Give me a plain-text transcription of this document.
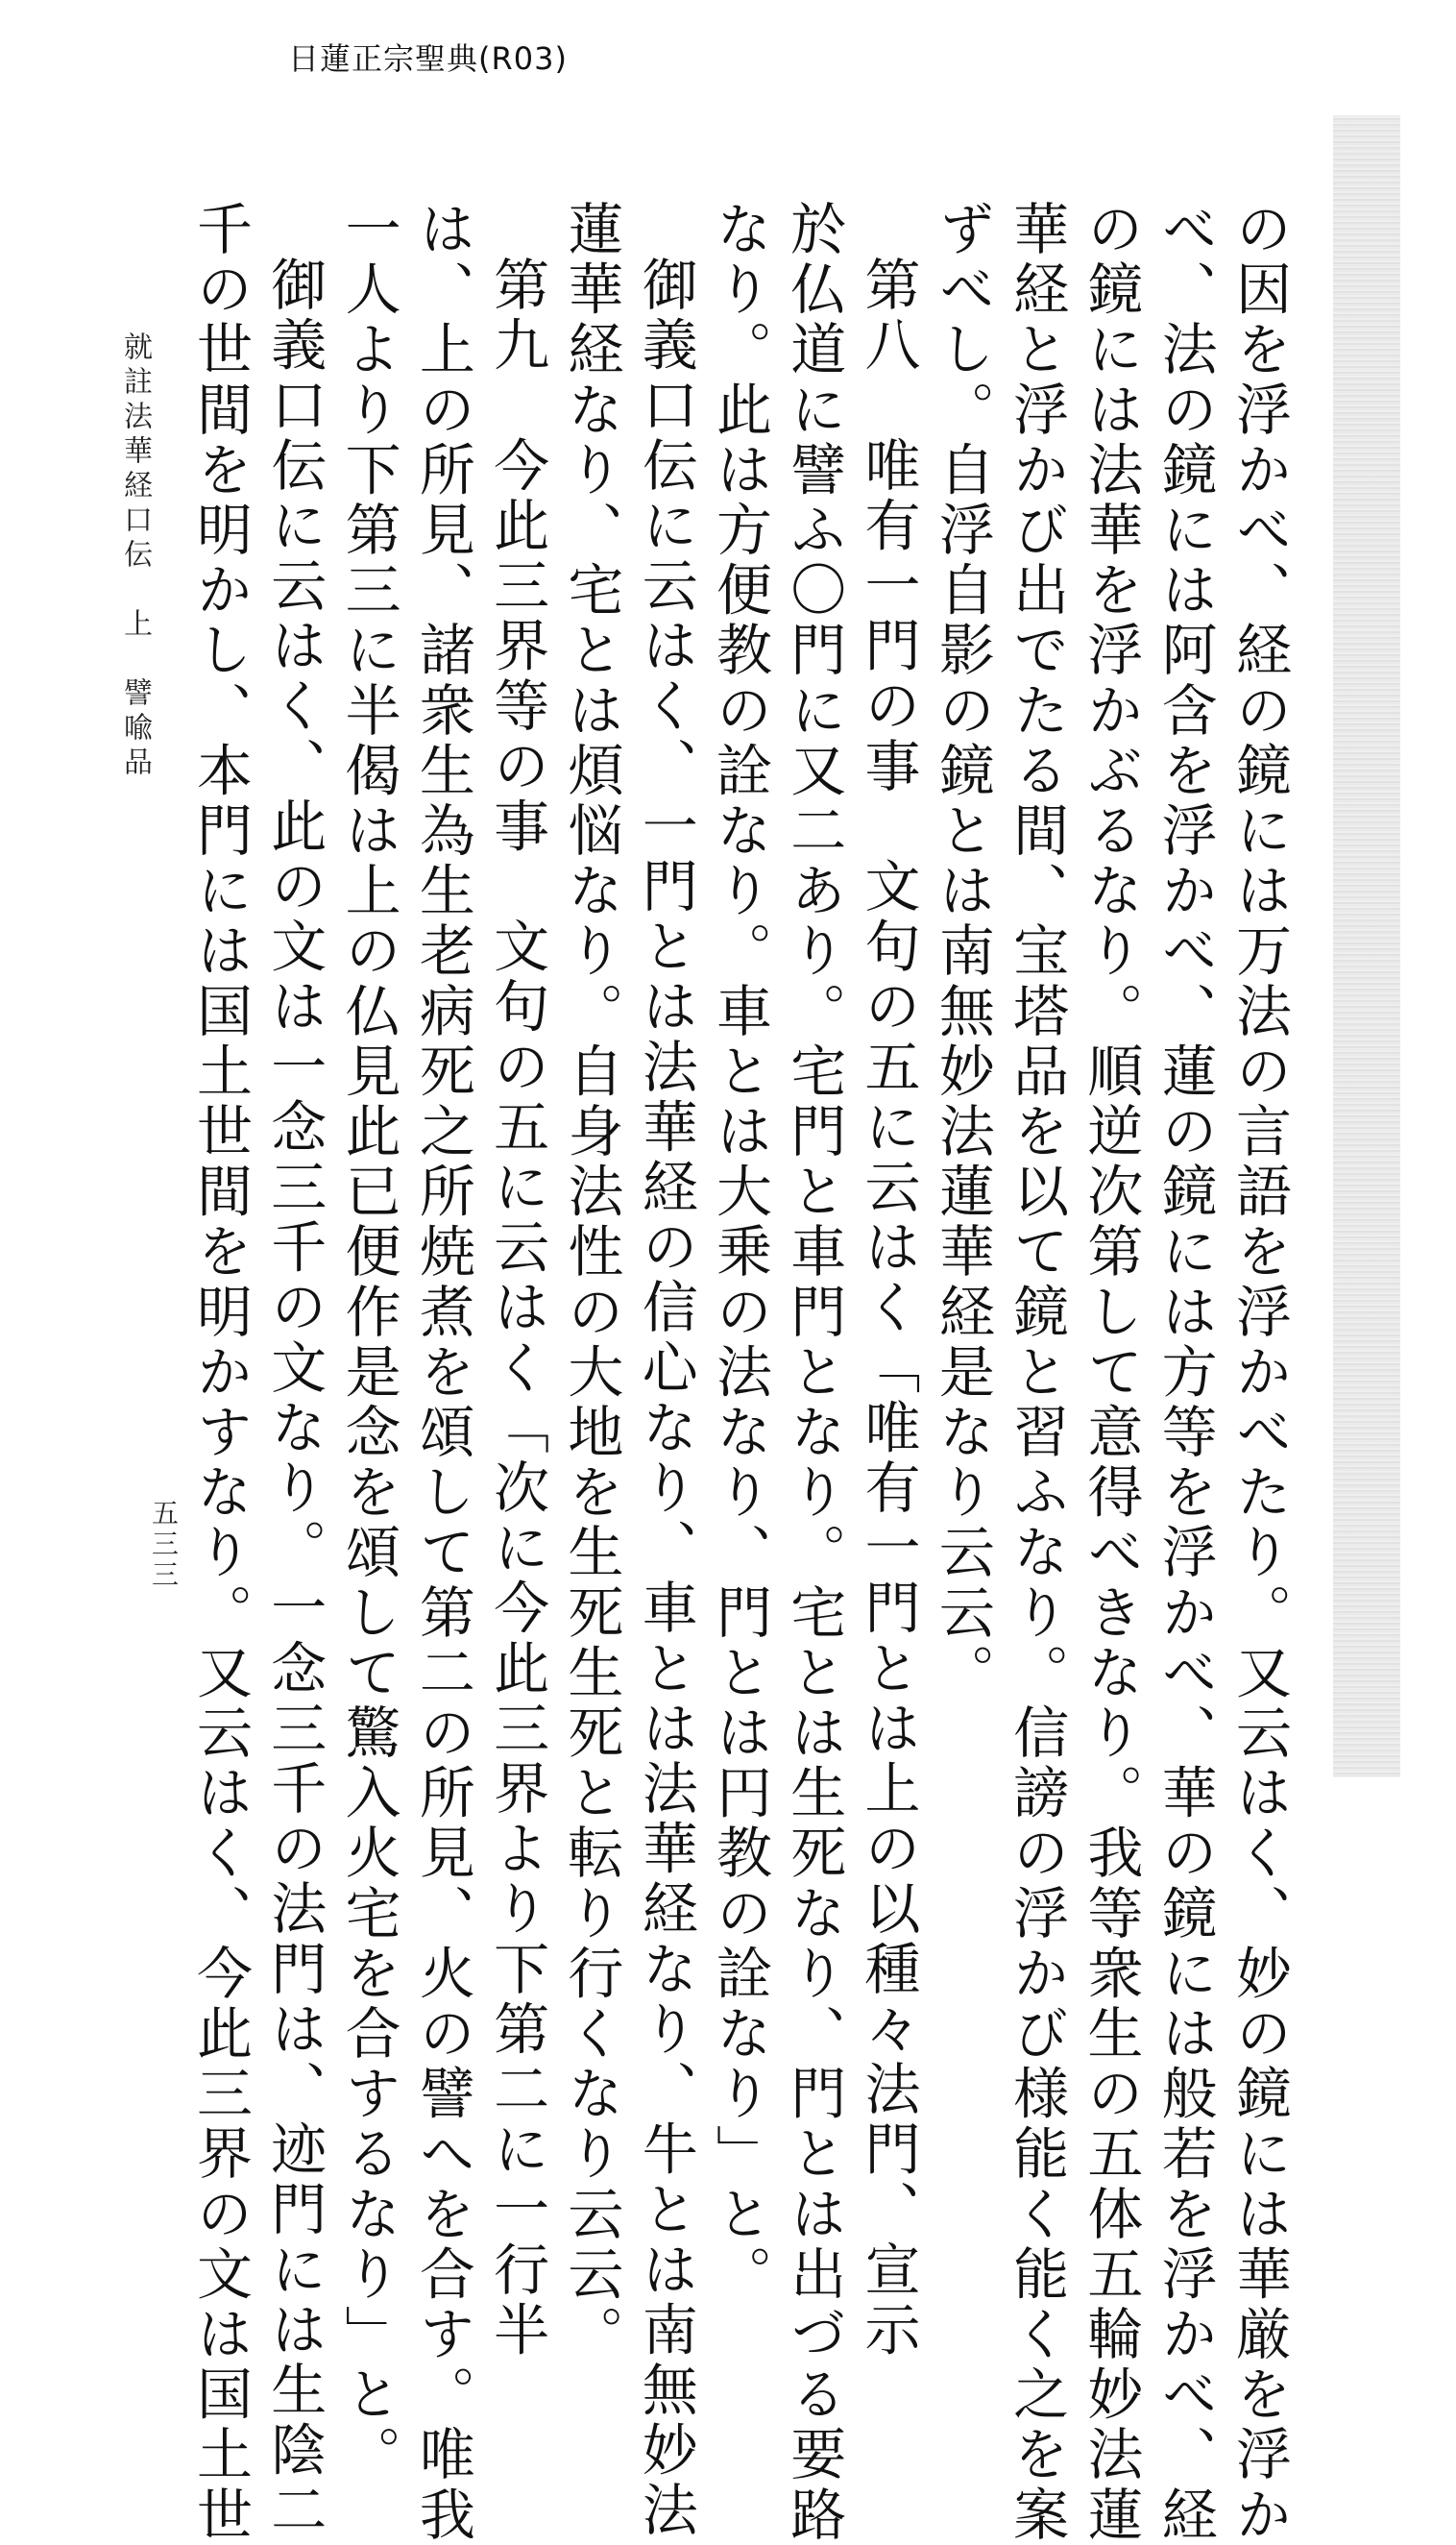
日蓮正宗聖典(R03)
就註法華経口伝　上　譬喩品
五三三	の因を浮かべ、経の鏡には万法の言語を浮かべたり。又云はく、妙の鏡には華厳を浮か
べ、法の鏡には阿含を浮かべ、蓮の鏡には方等を浮かべ、華の鏡には般若を浮かべ、経
の鏡には法華を浮かぶるなり。順逆次第して意得べきなり。我等衆生の五体五輪妙法蓮
華経と浮かび出でたる間、宝塔品を以て鏡と習ふなり。信謗の浮かび様能く能く之を案
ずべし。自浮自影の鏡とは南無妙法蓮華経是なり云云。
第八　唯有一門の事　文句の五に云はく「唯有一門とは上の以種々法門、宣示
於仏道に譬ふ〇門に又二あり。宅門と車門となり。宅とは生死なり、門とは出づる要路
なり。此は方便教の詮なり。車とは大乗の法なり、門とは円教の詮なり」と。
御義口伝に云はく、一門とは法華経の信心なり、車とは法華経なり、牛とは南無妙法
蓮華経なり、宅とは煩悩なり。自身法性の大地を生死生死と転り行くなり云云。
第九　今此三界等の事　文句の五に云はく「次に今此三界より下第二に一行半
は、上の所見、諸衆生為生老病死之所焼煮を頌して第二の所見、火の譬へを合す。唯我
一人より下第三に半偈は上の仏見此已便作是念を頌して驚入火宅を合するなり」と。
御義口伝に云はく、此の文は一念三千の文なり。一念三千の法門は、迹門には生陰二
千の世間を明かし、本門には国土世間を明かすなり。又云はく、今此三界の文は国土世
